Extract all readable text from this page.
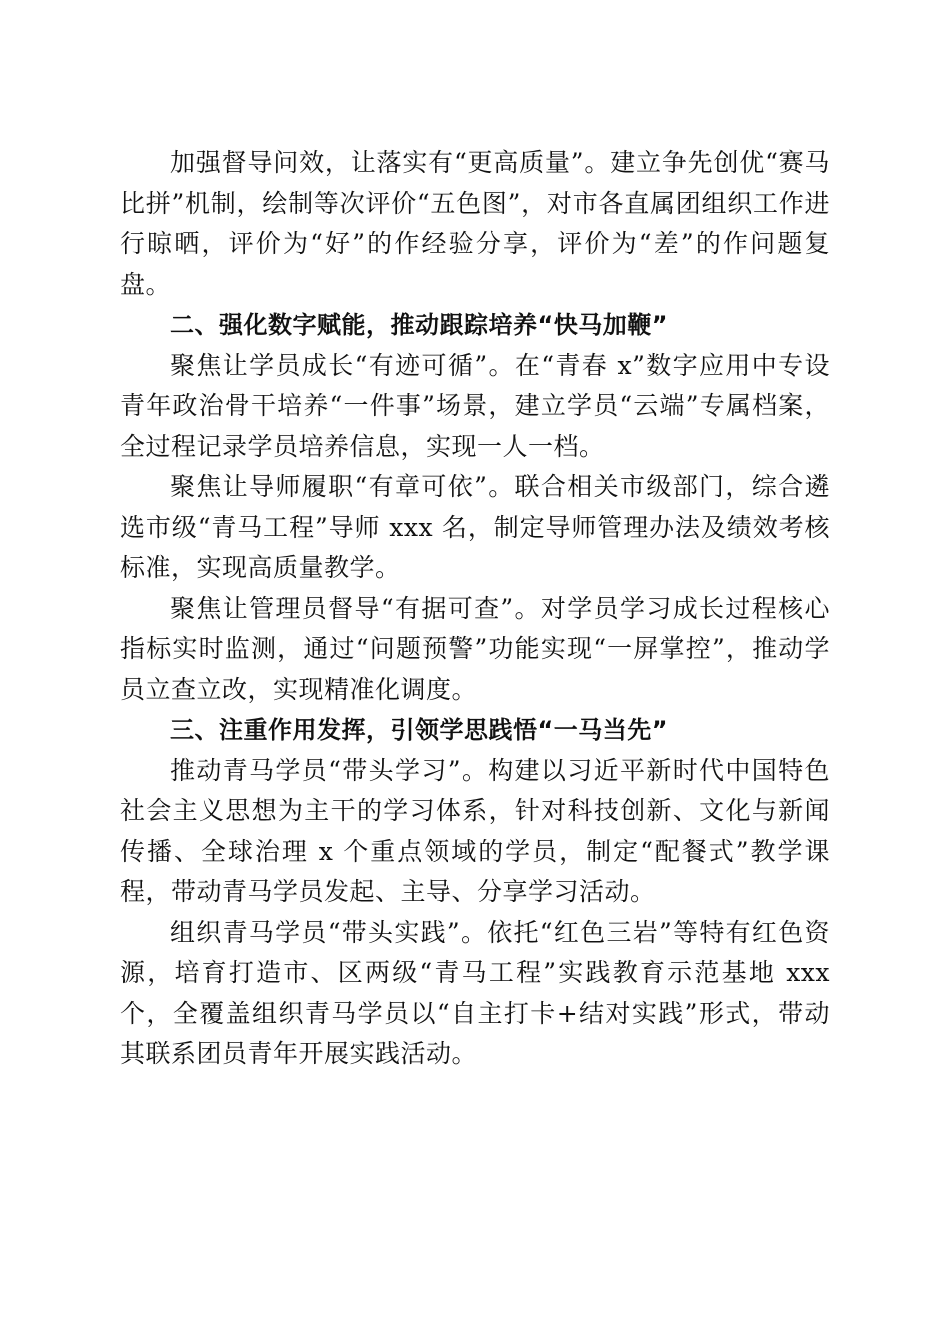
加强督导问效，让落实有“更高质量”。建立争先创优“赛马比拼”机制，绘制等次评价“五色图”，对市各直属团组织工作进行晾晒，评价为“好”的作经验分享，评价为“差”的作问题复盘。

二、强化数字赋能，推动跟踪培养“快马加鞭”

聚焦让学员成长“有迹可循”。在“青春 x”数字应用中专设青年政治骨干培养“一件事”场景，建立学员“云端”专属档案，全过程记录学员培养信息，实现一人一档。

聚焦让导师履职“有章可依”。联合相关市级部门，综合遴选市级“青马工程”导师 xxx 名，制定导师管理办法及绩效考核标准，实现高质量教学。

聚焦让管理员督导“有据可查”。对学员学习成长过程核心指标实时监测，通过“问题预警”功能实现“一屏掌控”，推动学员立查立改，实现精准化调度。

三、注重作用发挥，引领学思践悟“一马当先”

推动青马学员“带头学习”。构建以习近平新时代中国特色社会主义思想为主干的学习体系，针对科技创新、文化与新闻传播、全球治理 x 个重点领域的学员，制定“配餐式”教学课程，带动青马学员发起、主导、分享学习活动。

组织青马学员“带头实践”。依托“红色三岩”等特有红色资源，培育打造市、区两级“青马工程”实践教育示范基地 xxx 个，全覆盖组织青马学员以“自主打卡+结对实践”形式，带动其联系团员青年开展实践活动。
